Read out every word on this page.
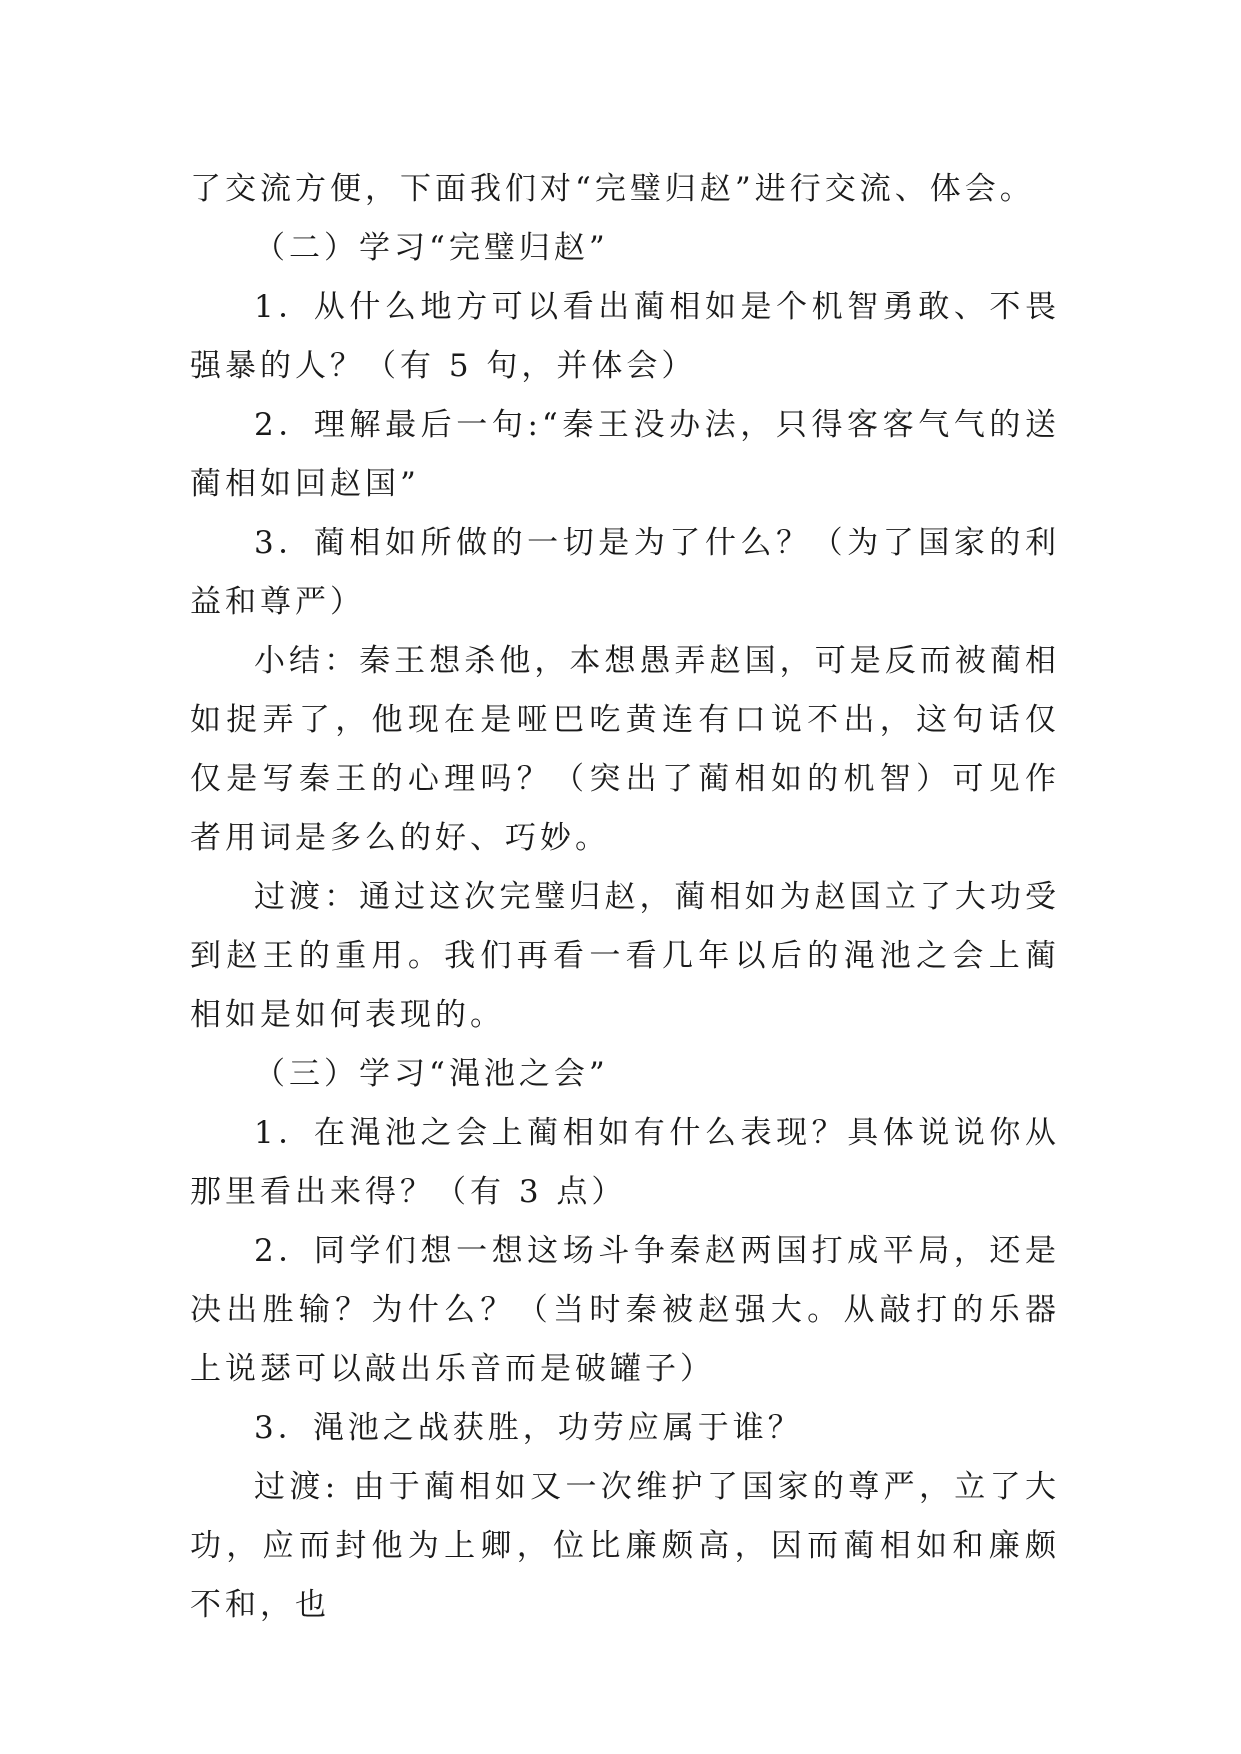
了交流方便，下面我们对“完璧归赵”进行交流、体会。

（二）学习“完璧归赵”

1．从什么地方可以看出蔺相如是个机智勇敢、不畏强暴的人？（有 5 句，并体会）

2．理解最后一句:“秦王没办法，只得客客气气的送蔺相如回赵国”

3．蔺相如所做的一切是为了什么？（为了国家的利益和尊严）

小结：秦王想杀他，本想愚弄赵国，可是反而被蔺相如捉弄了，他现在是哑巴吃黄连有口说不出，这句话仅仅是写秦王的心理吗？（突出了蔺相如的机智）可见作者用词是多么的好、巧妙。

过渡：通过这次完璧归赵，蔺相如为赵国立了大功受到赵王的重用。我们再看一看几年以后的渑池之会上蔺相如是如何表现的。

（三）学习“渑池之会”

1．在渑池之会上蔺相如有什么表现？具体说说你从那里看出来得？（有 3 点）

2．同学们想一想这场斗争秦赵两国打成平局，还是决出胜输？为什么？（当时秦被赵强大。从敲打的乐器上说瑟可以敲出乐音而是破罐子）

3．渑池之战获胜，功劳应属于谁？

过渡: 由于蔺相如又一次维护了国家的尊严，立了大功，应而封他为上卿，位比廉颇高，因而蔺相如和廉颇不和，也
